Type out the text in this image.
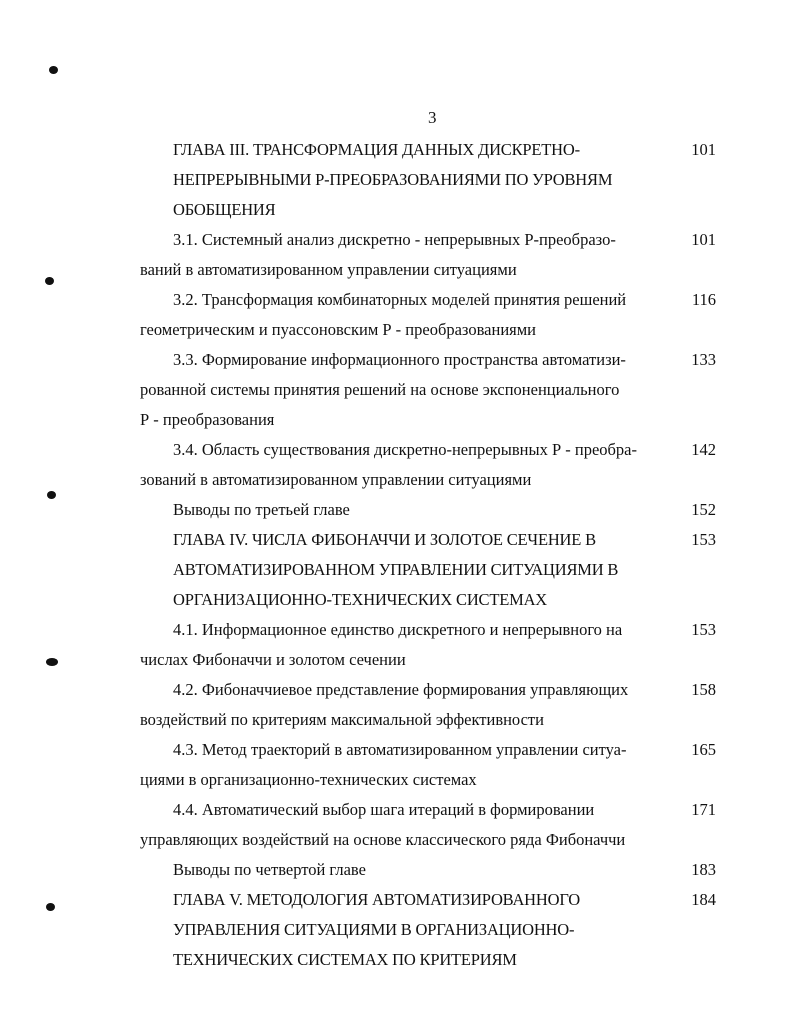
3
ГЛАВА III. ТРАНСФОРМАЦИЯ ДАННЫХ ДИСКРЕТНО-
НЕПРЕРЫВНЫМИ Р-ПРЕОБРАЗОВАНИЯМИ ПО УРОВНЯМ
ОБОБЩЕНИЯ
101
3.1. Системный анализ дискретно - непрерывных Р-преобразо-
ваний в автоматизированном управлении ситуациями
101
3.2. Трансформация комбинаторных моделей принятия решений
геометрическим и пуассоновским Р - преобразованиями
116
3.3. Формирование информационного пространства автоматизи-
рованной системы принятия решений на основе экспоненциального
Р - преобразования
133
3.4. Область существования дискретно-непрерывных Р - преобра-
зований в автоматизированном управлении ситуациями
142
Выводы по третьей главе	152
ГЛАВА IV. ЧИСЛА ФИБОНАЧЧИ И ЗОЛОТОЕ СЕЧЕНИЕ В
АВТОМАТИЗИРОВАННОМ УПРАВЛЕНИИ СИТУАЦИЯМИ В
ОРГАНИЗАЦИОННО-ТЕХНИЧЕСКИХ СИСТЕМАХ
153
4.1. Информационное единство дискретного и непрерывного на
числах Фибоначчи и золотом сечении
153
4.2. Фибоначчиевое представление формирования управляющих
воздействий по критериям максимальной эффективности
158
4.3. Метод траекторий в автоматизированном управлении ситуа-
циями в организационно-технических системах
165
4.4. Автоматический выбор шага итераций в формировании
управляющих воздействий на основе классического ряда Фибоначчи
171
Выводы по четвертой главе	183
ГЛАВА V. МЕТОДОЛОГИЯ АВТОМАТИЗИРОВАННОГО
УПРАВЛЕНИЯ СИТУАЦИЯМИ В ОРГАНИЗАЦИОННО-
ТЕХНИЧЕСКИХ СИСТЕМАХ ПО КРИТЕРИЯМ
184
